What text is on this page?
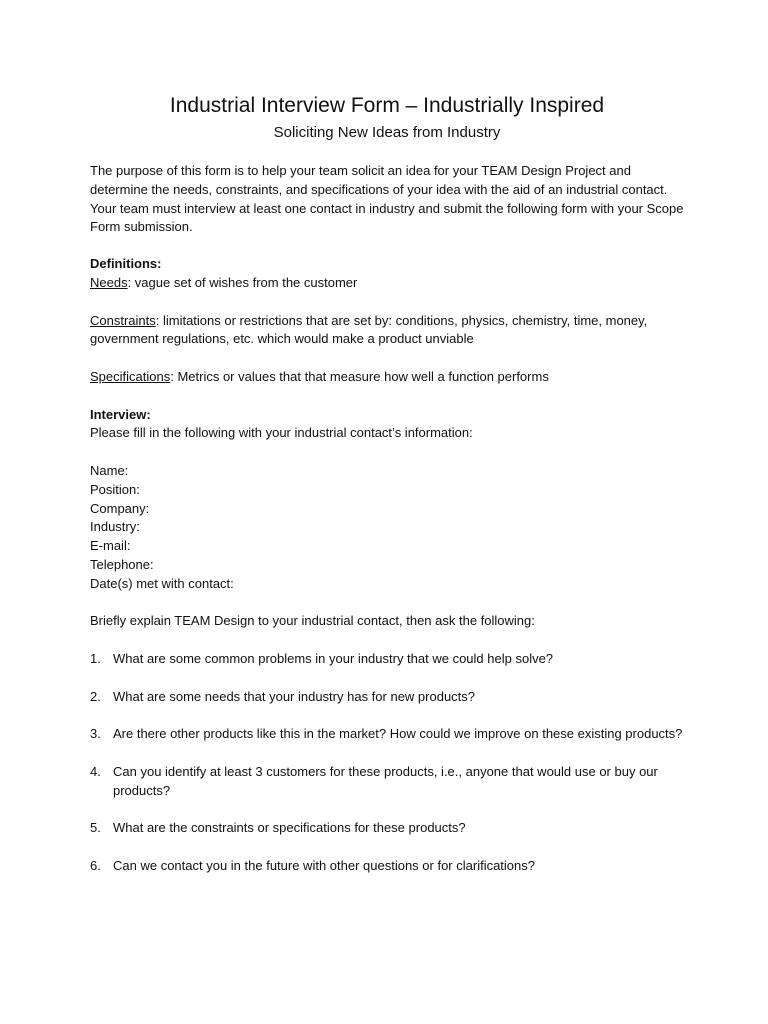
Industrial Interview Form – Industrially Inspired
Soliciting New Ideas from Industry

The purpose of this form is to help your team solicit an idea for your TEAM Design Project and determine the needs, constraints, and specifications of your idea with the aid of an industrial contact. Your team must interview at least one contact in industry and submit the following form with your Scope Form submission.

Definitions:

Needs: vague set of wishes from the customer

Constraints: limitations or restrictions that are set by: conditions, physics, chemistry, time, money, government regulations, etc. which would make a product unviable

Specifications: Metrics or values that that measure how well a function performs

Interview:

Please fill in the following with your industrial contact’s information:

Name:
Position:
Company:
Industry:
E-mail:
Telephone:
Date(s) met with contact:

Briefly explain TEAM Design to your industrial contact, then ask the following:

1. What are some common problems in your industry that we could help solve?
2. What are some needs that your industry has for new products?
3. Are there other products like this in the market? How could we improve on these existing products?
4. Can you identify at least 3 customers for these products, i.e., anyone that would use or buy our products?
5. What are the constraints or specifications for these products?
6. Can we contact you in the future with other questions or for clarifications?
